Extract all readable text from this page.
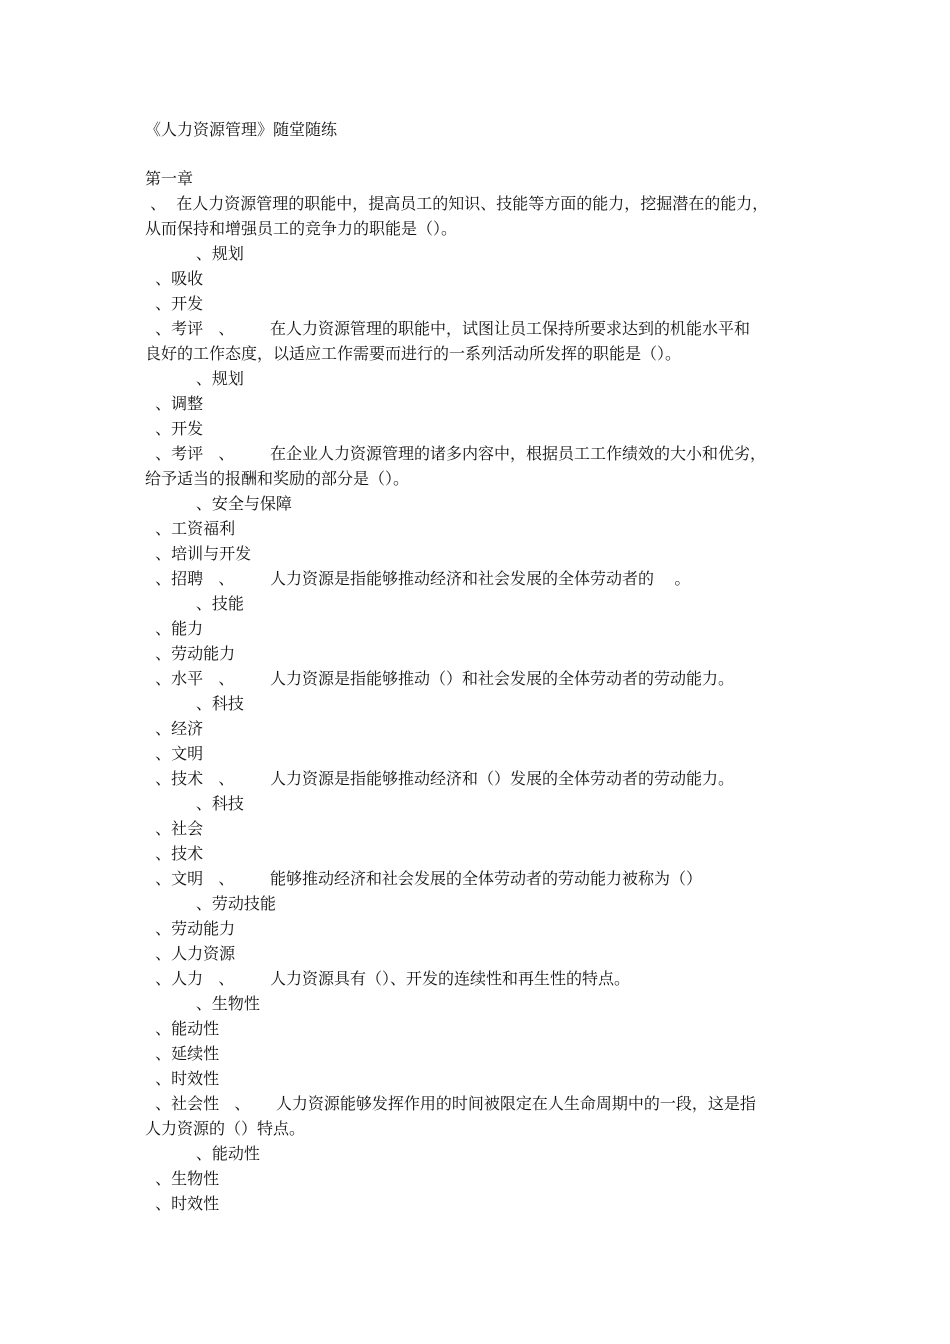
《人力资源管理》随堂随练
第一章
、  在人力资源管理的职能中，提高员工的知识、技能等方面的能力，挖掘潜在的能力，
从而保持和增强员工的竞争力的职能是（）。
、规划
、吸收
、开发
、考评   、       在人力资源管理的职能中，试图让员工保持所要求达到的机能水平和
良好的工作态度，以适应工作需要而进行的一系列活动所发挥的职能是（）。
、规划
、调整
、开发
、考评   、       在企业人力资源管理的诸多内容中，根据员工工作绩效的大小和优劣，
给予适当的报酬和奖励的部分是（）。
、安全与保障
、工资福利
、培训与开发
、招聘   、       人力资源是指能够推动经济和社会发展的全体劳动者的    。
、技能
、能力
、劳动能力
、水平   、       人力资源是指能够推动（）和社会发展的全体劳动者的劳动能力。
、科技
、经济
、文明
、技术   、       人力资源是指能够推动经济和（）发展的全体劳动者的劳动能力。
、科技
、社会
、技术
、文明   、       能够推动经济和社会发展的全体劳动者的劳动能力被称为（）
、劳动技能
、劳动能力
、人力资源
、人力   、       人力资源具有（）、开发的连续性和再生性的特点。
、生物性
、能动性
、延续性
、时效性
、社会性   、     人力资源能够发挥作用的时间被限定在人生命周期中的一段，这是指
人力资源的（）特点。
、能动性
、生物性
、时效性
